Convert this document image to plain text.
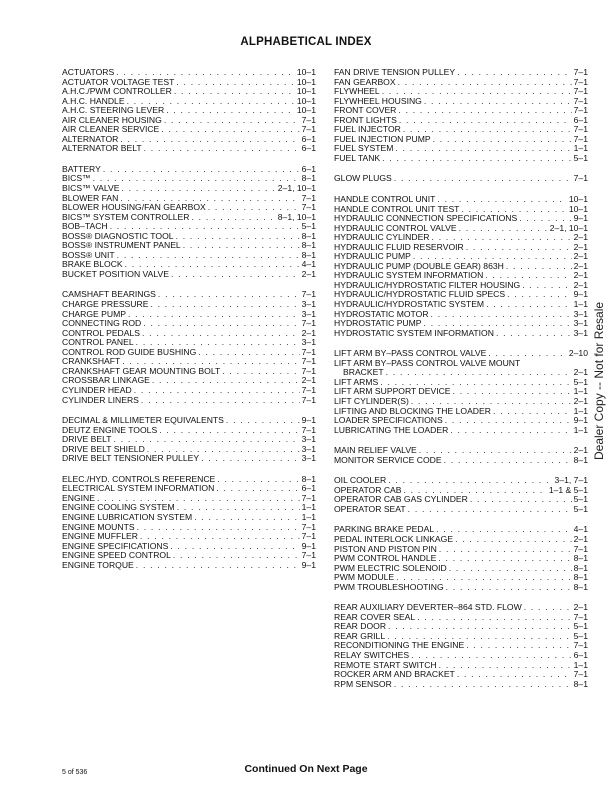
ALPHABETICAL INDEX
ACTUATORS . . .	10–1
ACTUATOR VOLTAGE TEST . . .	10–1
A.H.C./PWM CONTROLLER . . .	10–1
A.H.C. HANDLE . . .	10–1
A.H.C. STEERING LEVER . . .	10–1
AIR CLEANER HOUSING . . .	7–1
AIR CLEANER SERVICE . . .	7–1
ALTERNATOR . . .	6–1
ALTERNATOR BELT . . .	6–1
BATTERY . . .	6–1
BICS™ . . .	8–1
BICS™ VALVE . . .	2–1, 10–1
BLOWER FAN . . .	7–1
BLOWER HOUSING/FAN GEARBOX . . .	7–1
BICS™ SYSTEM CONTROLLER . . .	8–1, 10–1
BOB–TACH . . .	5–1
BOSS® DIAGNOSTIC TOOL . . .	8–1
BOSS® INSTRUMENT PANEL . . .	8–1
BOSS® UNIT . . .	8–1
BRAKE BLOCK . . .	4–1
BUCKET POSITION VALVE . . .	2–1
CAMSHAFT BEARINGS . . .	7–1
CHARGE PRESSURE . . .	3–1
CHARGE PUMP . . .	3–1
CONNECTING ROD . . .	7–1
CONTROL PEDALS . . .	2–1
CONTROL PANEL . . .	3–1
CONTROL ROD GUIDE BUSHING . . .	7–1
CRANKSHAFT . . .	7–1
CRANKSHAFT GEAR MOUNTING BOLT . . .	7–1
CROSSBAR LINKAGE . . .	2–1
CYLINDER HEAD . . .	7–1
CYLINDER LINERS . . .	7–1
DECIMAL & MILLIMETER EQUIVALENTS . . .	9–1
DEUTZ ENGINE TOOLS . . .	7–1
DRIVE BELT . . .	3–1
DRIVE BELT SHIELD . . .	3–1
DRIVE BELT TENSIONER PULLEY . . .	3–1
ELEC./HYD. CONTROLS REFERENCE . . .	8–1
ELECTRICAL SYSTEM INFORMATION . . .	6–1
ENGINE . . .	7–1
ENGINE COOLING SYSTEM . . .	1–1
ENGINE LUBRICATION SYSTEM . . .	1–1
ENGINE MOUNTS . . .	7–1
ENGINE MUFFLER . . .	7–1
ENGINE SPECIFICATIONS . . .	9–1
ENGINE SPEED CONTROL . . .	7–1
ENGINE TORQUE . . .	9–1
FAN DRIVE TENSION PULLEY . . .	7–1
FAN GEARBOX . . .	7–1
FLYWHEEL . . .	7–1
FLYWHEEL HOUSING . . .	7–1
FRONT COVER . . .	7–1
FRONT LIGHTS . . .	6–1
FUEL INJECTOR . . .	7–1
FUEL INJECTION PUMP . . .	7–1
FUEL SYSTEM . . .	1–1
FUEL TANK . . .	5–1
GLOW PLUGS . . .	7–1
HANDLE CONTROL UNIT . . .	10–1
HANDLE CONTROL UNIT TEST . . .	10–1
HYDRAULIC CONNECTION SPECIFICATIONS . . .	9–1
HYDRAULIC CONTROL VALVE . . .	2–1, 10–1
HYDRAULIC CYLINDER . . .	2–1
HYDRAULIC FLUID RESERVOIR . . .	2–1
HYDRAULIC PUMP . . .	2–1
HYDRAULIC PUMP (DOUBLE GEAR) 863H . . .	2–1
HYDRAULIC SYSTEM INFORMATION . . .	2–1
HYDRAULIC/HYDROSTATIC FILTER HOUSING . . .	2–1
HYDRAULIC/HYDROSTATIC FLUID SPECS . . .	9–1
HYDRAULIC/HYDROSTATIC SYSTEM . . .	1–1
HYDROSTATIC MOTOR . . .	3–1
HYDROSTATIC PUMP . . .	3–1
HYDROSTATIC SYSTEM INFORMATION . . .	3–1
LIFT ARM BY–PASS CONTROL VALVE . . .	2–10
LIFT ARM BY–PASS CONTROL VALVE MOUNT
BRACKET . . .	2–1
LIFT ARMS . . .	5–1
LIFT ARM SUPPORT DEVICE . . .	1–1
LIFT CYLINDER(S) . . .	2–1
LIFTING AND BLOCKING THE LOADER . . .	1–1
LOADER SPECIFICATIONS . . .	9–1
LUBRICATING THE LOADER . . .	1–1
MAIN RELIEF VALVE . . .	2–1
MONITOR SERVICE CODE . . .	8–1
OIL COOLER . . .	3–1, 7–1
OPERATOR CAB . . .	1–1 & 5–1
OPERATOR CAB GAS CYLINDER . . .	5–1
OPERATOR SEAT . . .	5–1
PARKING BRAKE PEDAL . . .	4–1
PEDAL INTERLOCK LINKAGE . . .	2–1
PISTON AND PISTON PIN . . .	7–1
PWM CONTROL HANDLE . . .	8–1
PWM ELECTRIC SOLENOID . . .	8–1
PWM MODULE . . .	8–1
PWM TROUBLESHOOTING . . .	8–1
REAR AUXILIARY DEVERTER–864 STD. FLOW . . .	2–1
REAR COVER SEAL . . .	7–1
REAR DOOR . . .	5–1
REAR GRILL . . .	5–1
RECONDITIONING THE ENGINE . . .	7–1
RELAY SWITCHES . . .	6–1
REMOTE START SWITCH . . .	1–1
ROCKER ARM AND BRACKET . . .	7–1
RPM SENSOR . . .	8–1
5 of 536	Continued On Next Page
Dealer Copy -- Not for Resale
